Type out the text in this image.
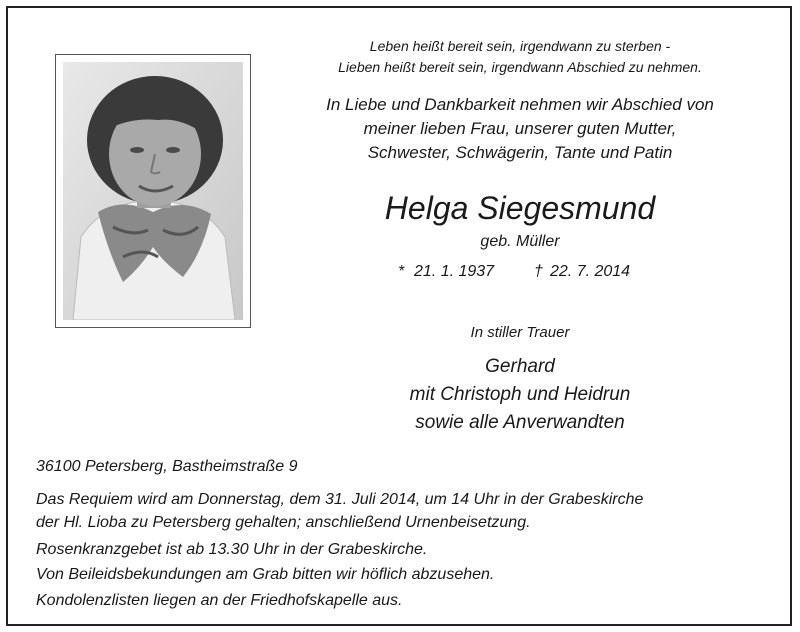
Leben heißt bereit sein, irgendwann zu sterben -

Lieben heißt bereit sein, irgendwann Abschied zu nehmen.

In Liebe und Dankbarkeit nehmen wir Abschied von

meiner lieben Frau, unserer guten Mutter,

Schwester, Schwägerin, Tante und Patin

Helga Siegesmund

geb. Müller

* 21. 1. 1937 † 22. 7. 2014

In stiller Trauer

Gerhard

mit Christoph und Heidrun

sowie alle Anverwandten

36100 Petersberg, Bastheimstraße 9

Das Requiem wird am Donnerstag, dem 31. Juli 2014, um 14 Uhr in der Grabeskirche

der Hl. Lioba zu Petersberg gehalten; anschließend Urnenbeisetzung.

Rosenkranzgebet ist ab 13.30 Uhr in der Grabeskirche.

Von Beileidsbekundungen am Grab bitten wir höflich abzusehen.

Kondolenzlisten liegen an der Friedhofskapelle aus.
